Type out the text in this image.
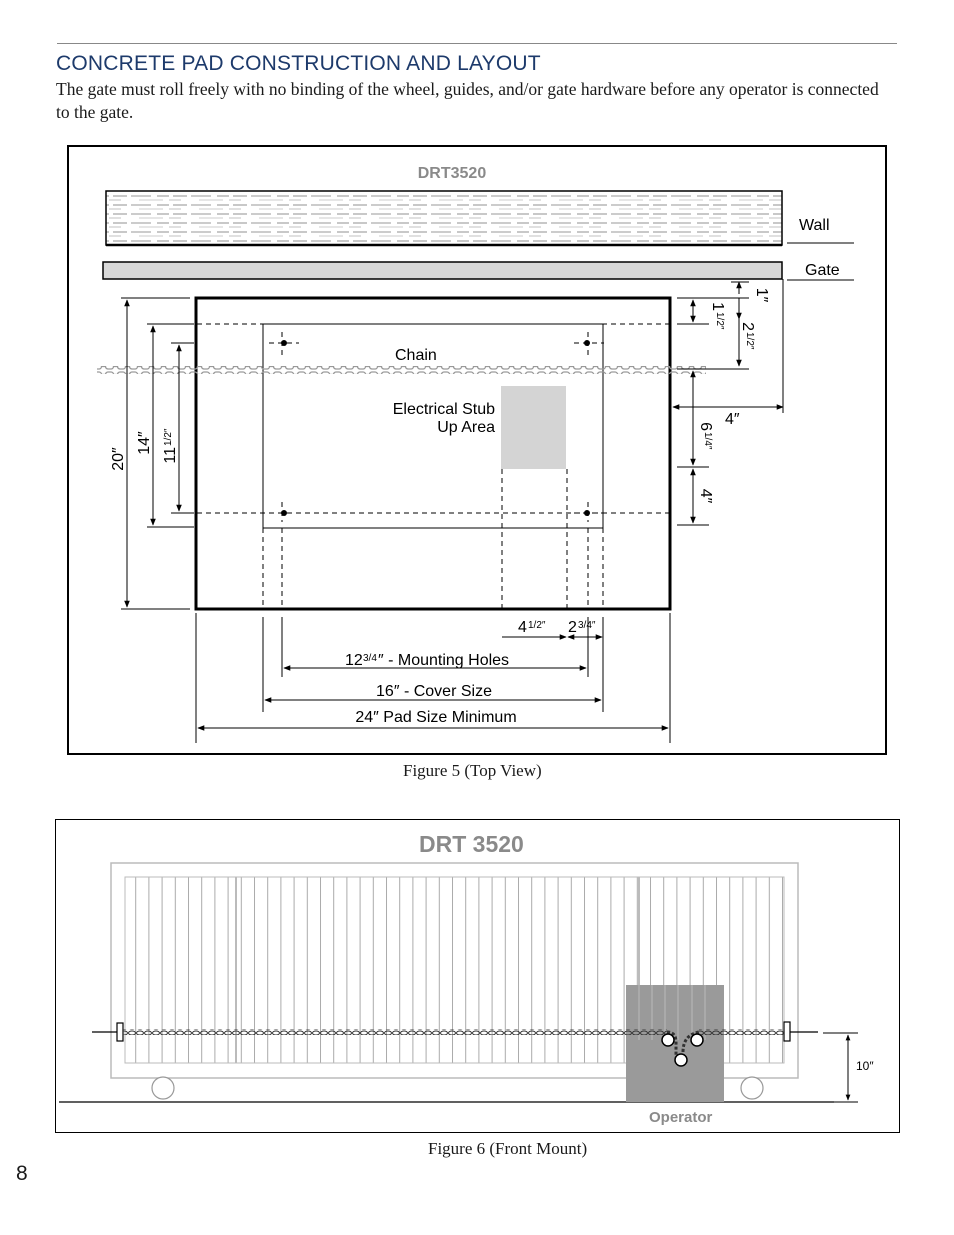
CONCRETE PAD CONSTRUCTION AND LAYOUT
The gate must roll freely with no binding of the wheel, guides, and/or gate hardware before any operator is connected to the gate.
DRT3520
Wall
Gate
Chain
Electrical Stub
Up Area
20″
14″
11
1/2″
1″
1
1/2″ 2
1/2″
4″
6
1/4″
4″
4 1/2″ 2 3/4″
12 3/4 ″ - Mounting Holes
16″ - Cover Size
24″ Pad Size Minimum
Figure 5 (Top View)
DRT 3520
Operator
10″
Figure 6 (Front Mount)
8
